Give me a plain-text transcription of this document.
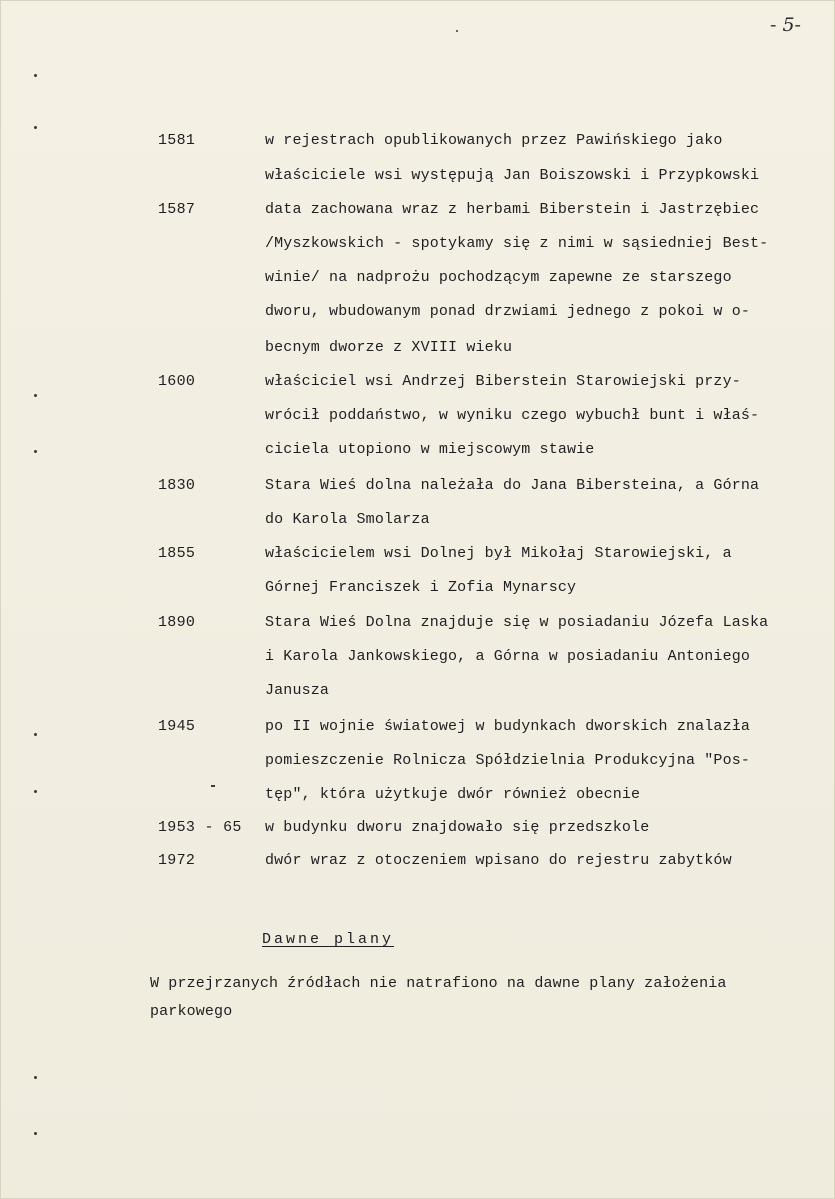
- 5-
1581	w rejestrach opublikowanych przez Pawińskiego jako
właściciele wsi występują Jan Boiszowski i Przypkowski
1587	data zachowana wraz z herbami Biberstein i Jastrzębiec
/Myszkowskich - spotykamy się z nimi w sąsiedniej Best-
winie/ na nadprożu pochodzącym zapewne ze starszego
dworu, wbudowanym ponad drzwiami jednego z pokoi w o-
becnym dworze z XVIII wieku
1600	właściciel wsi Andrzej Biberstein Starowiejski przy-
wrócił poddaństwo, w wyniku czego wybuchł bunt i właś-
ciciela utopiono w miejscowym stawie
1830	Stara Wieś dolna należała do Jana Bibersteina, a Górna
do Karola Smolarza
1855	właścicielem wsi Dolnej był Mikołaj Starowiejski, a
Górnej Franciszek i Zofia Mynarscy
1890	Stara Wieś Dolna znajduje się w posiadaniu Józefa Laska
i Karola Jankowskiego, a Górna w posiadaniu Antoniego
Janusza
1945	po II wojnie światowej w budynkach dworskich znalazła
pomieszczenie Rolnicza Spółdzielnia Produkcyjna "Pos-
tęp", która użytkuje dwór również obecnie
1953 - 65 w budynku dworu znajdowało się przedszkole
1972	dwór wraz z otoczeniem wpisano do rejestru zabytków
Dawne plany
W przejrzanych źródłach nie natrafiono na dawne plany założenia
parkowego
